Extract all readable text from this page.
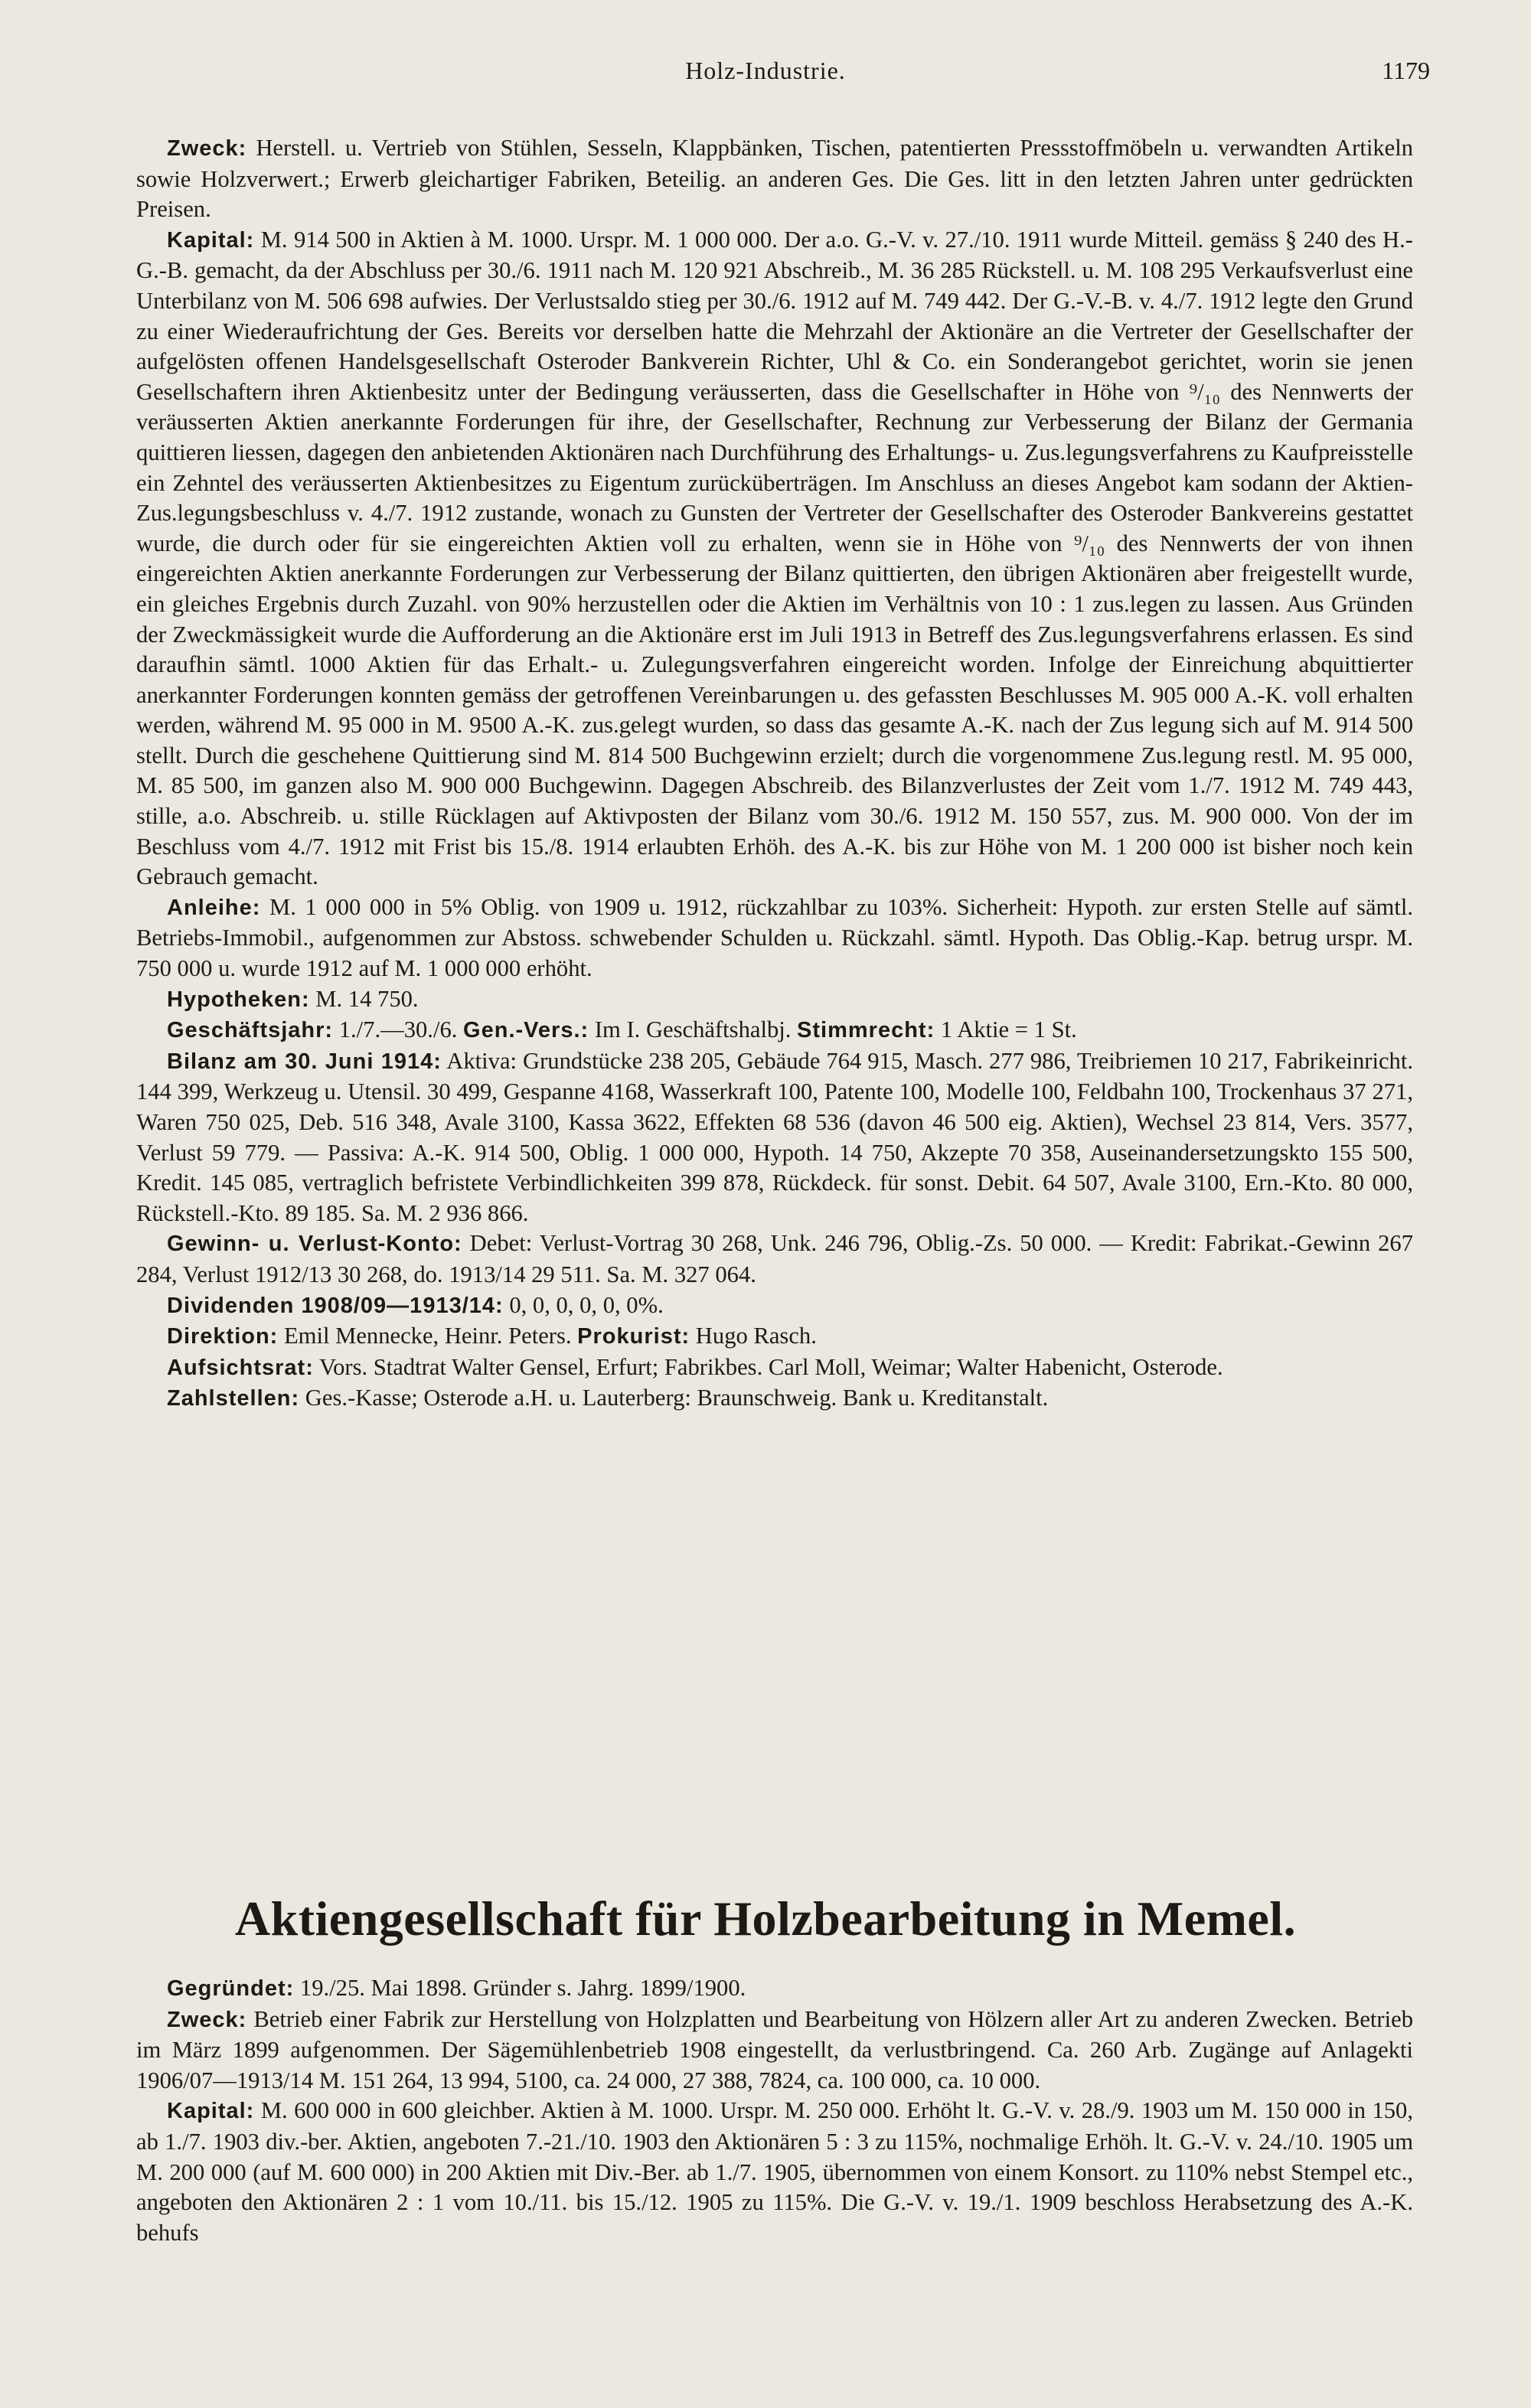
Holz-Industrie.	1179

Zweck: Herstell. u. Vertrieb von Stühlen, Sesseln, Klappbänken, Tischen, patentierten Pressstoffmöbeln u. verwandten Artikeln sowie Holzverwert.; Erwerb gleichartiger Fabriken, Beteilig. an anderen Ges. Die Ges. litt in den letzten Jahren unter gedrückten Preisen.

Kapital: M. 914 500 in Aktien à M. 1000. Urspr. M. 1 000 000. Der a.o. G.-V. v. 27./10. 1911 wurde Mitteil. gemäss § 240 des H.-G.-B. gemacht, da der Abschluss per 30./6. 1911 nach M. 120 921 Abschreib., M. 36 285 Rückstell. u. M. 108 295 Verkaufsverlust eine Unterbilanz von M. 506 698 aufwies. Der Verlustsaldo stieg per 30./6. 1912 auf M. 749 442. Der G.-V.-B. v. 4./7. 1912 legte den Grund zu einer Wiederaufrichtung der Ges. Bereits vor derselben hatte die Mehrzahl der Aktionäre an die Vertreter der Gesellschafter der aufgelösten offenen Handelsgesellschaft Osteroder Bankverein Richter, Uhl & Co. ein Sonderangebot gerichtet, worin sie jenen Gesellschaftern ihren Aktienbesitz unter der Bedingung veräusserten, dass die Gesellschafter in Höhe von ⁹/₁₀ des Nennwerts der veräusserten Aktien anerkannte Forderungen für ihre, der Gesellschafter, Rechnung zur Verbesserung der Bilanz der Germania quittieren liessen, dagegen den anbietenden Aktionären nach Durchführung des Erhaltungs- u. Zus.legungsverfahrens zu Kaufpreisstelle ein Zehntel des veräusserten Aktienbesitzes zu Eigentum zurücküberträgen. Im Anschluss an dieses Angebot kam sodann der Aktien-Zus.legungsbeschluss v. 4./7. 1912 zustande, wonach zu Gunsten der Vertreter der Gesellschafter des Osteroder Bankvereins gestattet wurde, die durch oder für sie eingereichten Aktien voll zu erhalten, wenn sie in Höhe von ⁹/₁₀ des Nennwerts der von ihnen eingereichten Aktien anerkannte Forderungen zur Verbesserung der Bilanz quittierten, den übrigen Aktionären aber freigestellt wurde, ein gleiches Ergebnis durch Zuzahl. von 90% herzustellen oder die Aktien im Verhältnis von 10 : 1 zus.legen zu lassen. Aus Gründen der Zweckmässigkeit wurde die Aufforderung an die Aktionäre erst im Juli 1913 in Betreff des Zus.legungsverfahrens erlassen. Es sind daraufhin sämtl. 1000 Aktien für das Erhalt.- u. Zulegungsverfahren eingereicht worden. Infolge der Einreichung abquittierter anerkannter Forderungen konnten gemäss der getroffenen Vereinbarungen u. des gefassten Beschlusses M. 905 000 A.-K. voll erhalten werden, während M. 95 000 in M. 9500 A.-K. zus.gelegt wurden, so dass das gesamte A.-K. nach der Zus legung sich auf M. 914 500 stellt. Durch die geschehene Quittierung sind M. 814 500 Buchgewinn erzielt; durch die vorgenommene Zus.legung restl. M. 95 000, M. 85 500, im ganzen also M. 900 000 Buchgewinn. Dagegen Abschreib. des Bilanzverlustes der Zeit vom 1./7. 1912 M. 749 443, stille, a.o. Abschreib. u. stille Rücklagen auf Aktivposten der Bilanz vom 30./6. 1912 M. 150 557, zus. M. 900 000. Von der im Beschluss vom 4./7. 1912 mit Frist bis 15./8. 1914 erlaubten Erhöh. des A.-K. bis zur Höhe von M. 1 200 000 ist bisher noch kein Gebrauch gemacht.

Anleihe: M. 1 000 000 in 5% Oblig. von 1909 u. 1912, rückzahlbar zu 103%. Sicherheit: Hypoth. zur ersten Stelle auf sämtl. Betriebs-Immobil., aufgenommen zur Abstoss. schwebender Schulden u. Rückzahl. sämtl. Hypoth. Das Oblig.-Kap. betrug urspr. M. 750 000 u. wurde 1912 auf M. 1 000 000 erhöht.

Hypotheken: M. 14 750.

Geschäftsjahr: 1./7.—30./6. Gen.-Vers.: Im I. Geschäftshalbj. Stimmrecht: 1 Aktie = 1 St.

Bilanz am 30. Juni 1914: Aktiva: Grundstücke 238 205, Gebäude 764 915, Masch. 277 986, Treibriemen 10 217, Fabrikeinricht. 144 399, Werkzeug u. Utensil. 30 499, Gespanne 4168, Wasserkraft 100, Patente 100, Modelle 100, Feldbahn 100, Trockenhaus 37 271, Waren 750 025, Deb. 516 348, Avale 3100, Kassa 3622, Effekten 68 536 (davon 46 500 eig. Aktien), Wechsel 23 814, Vers. 3577, Verlust 59 779. — Passiva: A.-K. 914 500, Oblig. 1 000 000, Hypoth. 14 750, Akzepte 70 358, Auseinandersetzungskto 155 500, Kredit. 145 085, vertraglich befristete Verbindlichkeiten 399 878, Rückdeck. für sonst. Debit. 64 507, Avale 3100, Ern.-Kto. 80 000, Rückstell.-Kto. 89 185. Sa. M. 2 936 866.

Gewinn- u. Verlust-Konto: Debet: Verlust-Vortrag 30 268, Unk. 246 796, Oblig.-Zs. 50 000. — Kredit: Fabrikat.-Gewinn 267 284, Verlust 1912/13 30 268, do. 1913/14 29 511. Sa. M. 327 064.

Dividenden 1908/09—1913/14: 0, 0, 0, 0, 0, 0%.

Direktion: Emil Mennecke, Heinr. Peters. Prokurist: Hugo Rasch.

Aufsichtsrat: Vors. Stadtrat Walter Gensel, Erfurt; Fabrikbes. Carl Moll, Weimar; Walter Habenicht, Osterode.

Zahlstellen: Ges.-Kasse; Osterode a.H. u. Lauterberg: Braunschweig. Bank u. Kreditanstalt.

Aktiengesellschaft für Holzbearbeitung in Memel.

Gegründet: 19./25. Mai 1898. Gründer s. Jahrg. 1899/1900.

Zweck: Betrieb einer Fabrik zur Herstellung von Holzplatten und Bearbeitung von Hölzern aller Art zu anderen Zwecken. Betrieb im März 1899 aufgenommen. Der Sägemühlenbetrieb 1908 eingestellt, da verlustbringend. Ca. 260 Arb. Zugänge auf Anlagekti 1906/07—1913/14 M. 151 264, 13 994, 5100, ca. 24 000, 27 388, 7824, ca. 100 000, ca. 10 000.

Kapital: M. 600 000 in 600 gleichber. Aktien à M. 1000. Urspr. M. 250 000. Erhöht lt. G.-V. v. 28./9. 1903 um M. 150 000 in 150, ab 1./7. 1903 div.-ber. Aktien, angeboten 7.-21./10. 1903 den Aktionären 5 : 3 zu 115%, nochmalige Erhöh. lt. G.-V. v. 24./10. 1905 um M. 200 000 (auf M. 600 000) in 200 Aktien mit Div.-Ber. ab 1./7. 1905, übernommen von einem Konsort. zu 110% nebst Stempel etc., angeboten den Aktionären 2 : 1 vom 10./11. bis 15./12. 1905 zu 115%. Die G.-V. v. 19./1. 1909 beschloss Herabsetzung des A.-K. behufs
